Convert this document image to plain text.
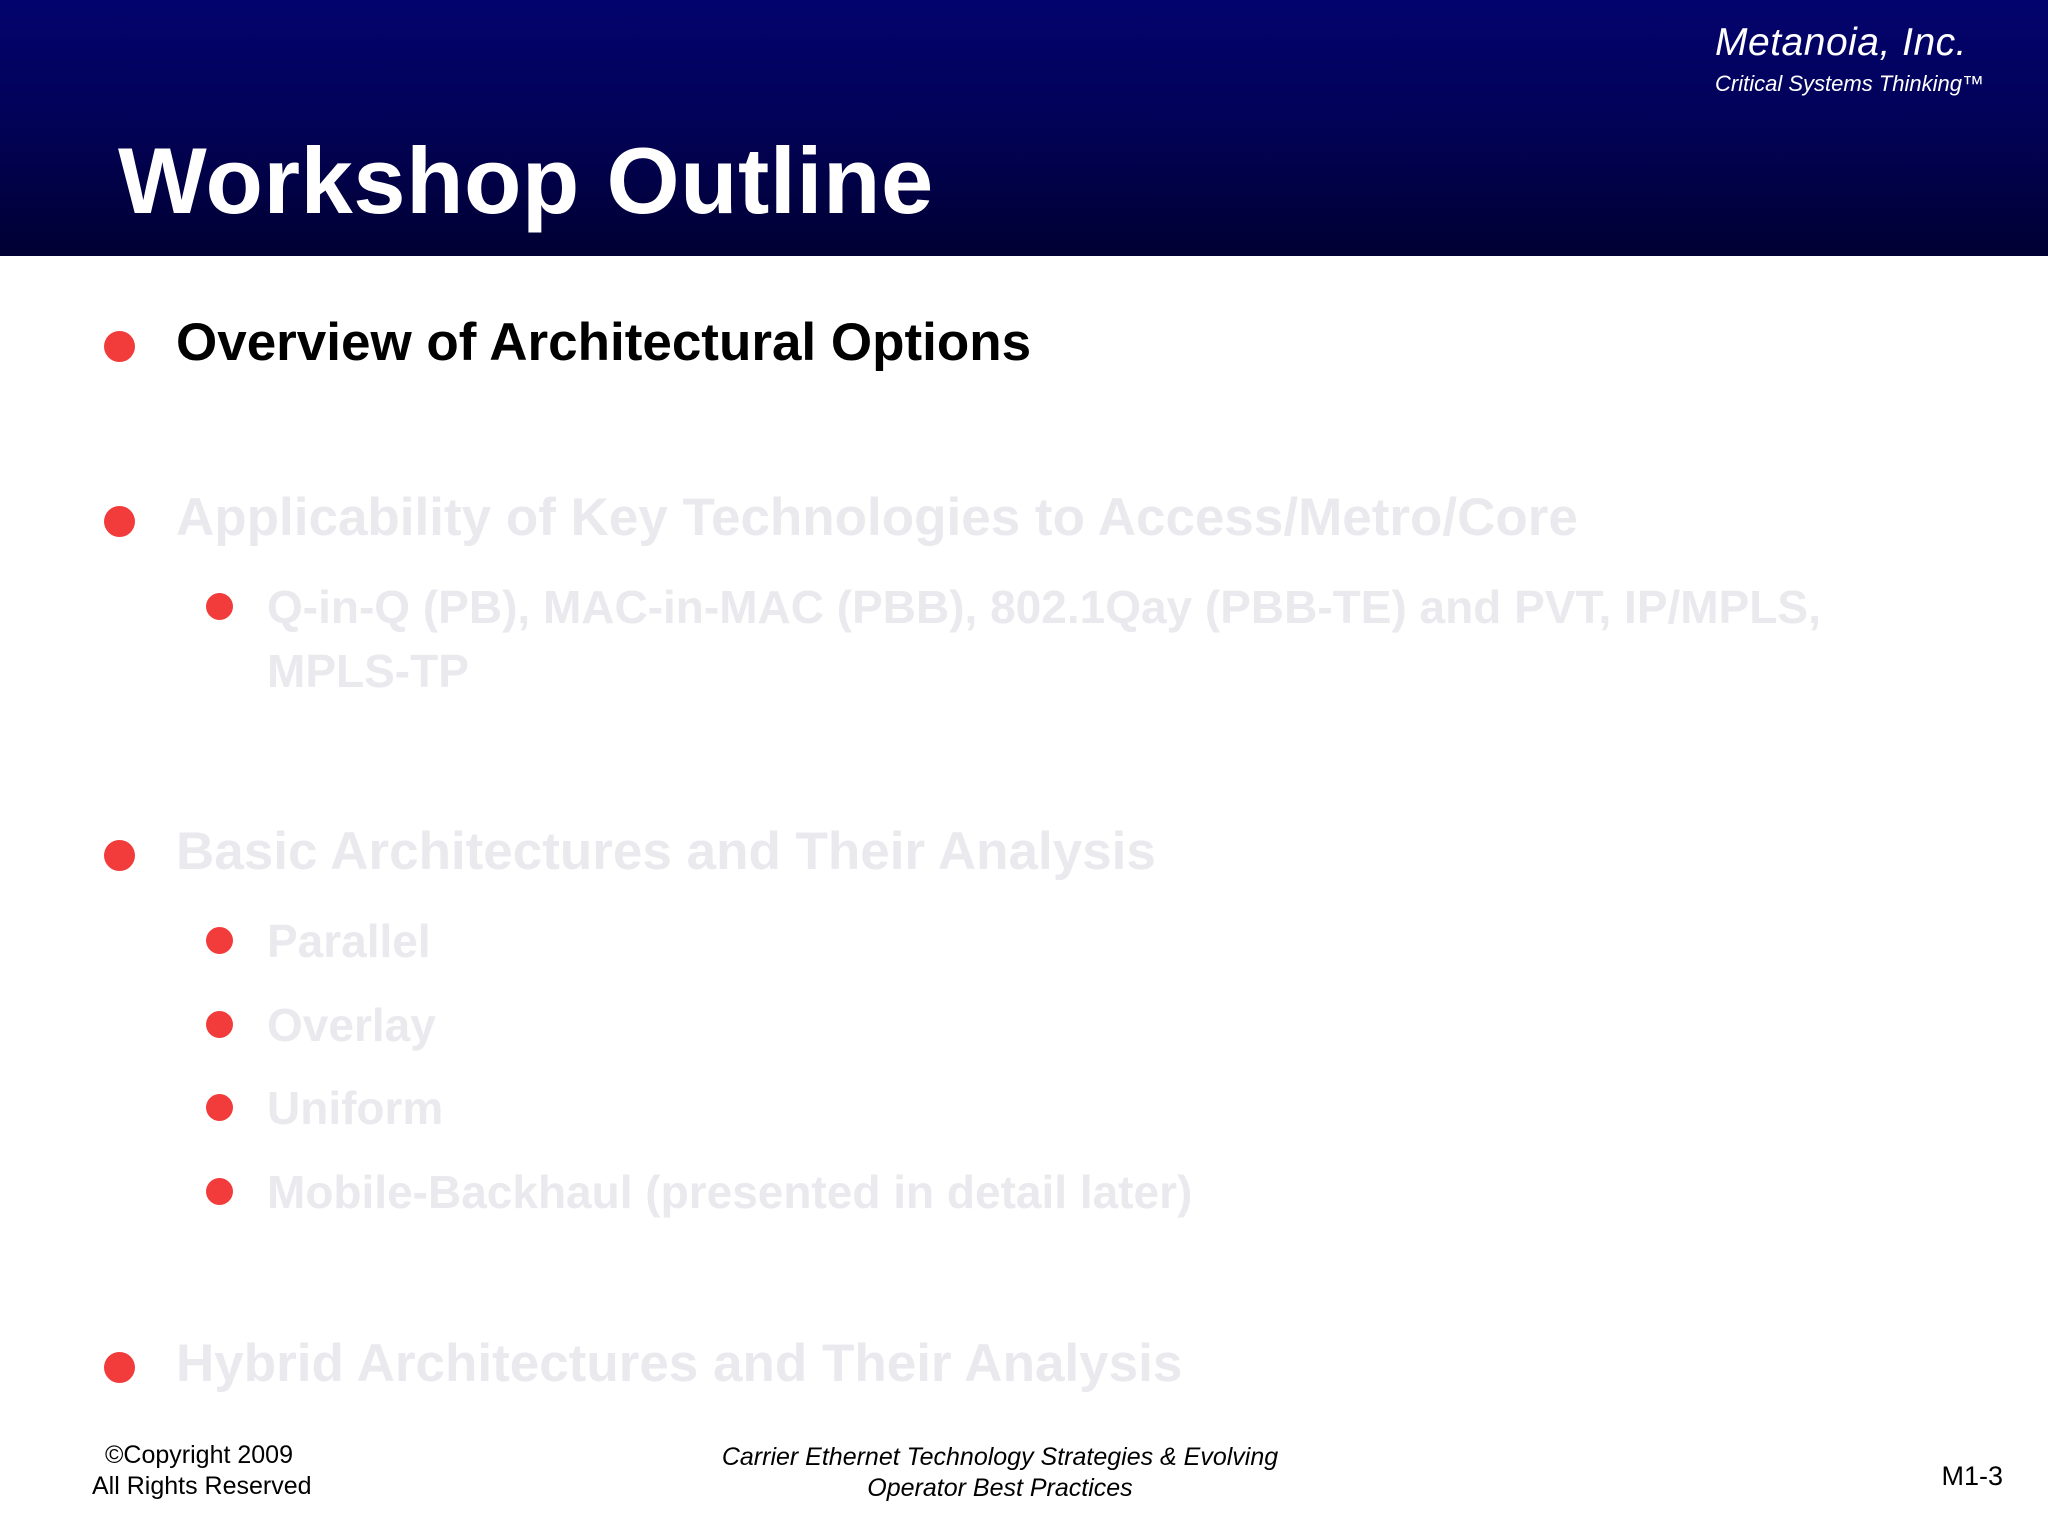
Metanoia, Inc.
Critical Systems Thinking™
Workshop Outline
Overview of Architectural Options
Applicability of Key Technologies to Access/Metro/Core
Q-in-Q (PB), MAC-in-MAC (PBB), 802.1Qay (PBB-TE) and PVT, IP/MPLS,
MPLS-TP
Basic Architectures and Their Analysis
Parallel
Overlay
Uniform
Mobile-Backhaul (presented in detail later)
Hybrid Architectures and Their Analysis
©Copyright 2009
All Rights Reserved
Carrier Ethernet Technology Strategies & Evolving
Operator Best Practices	M1-3
